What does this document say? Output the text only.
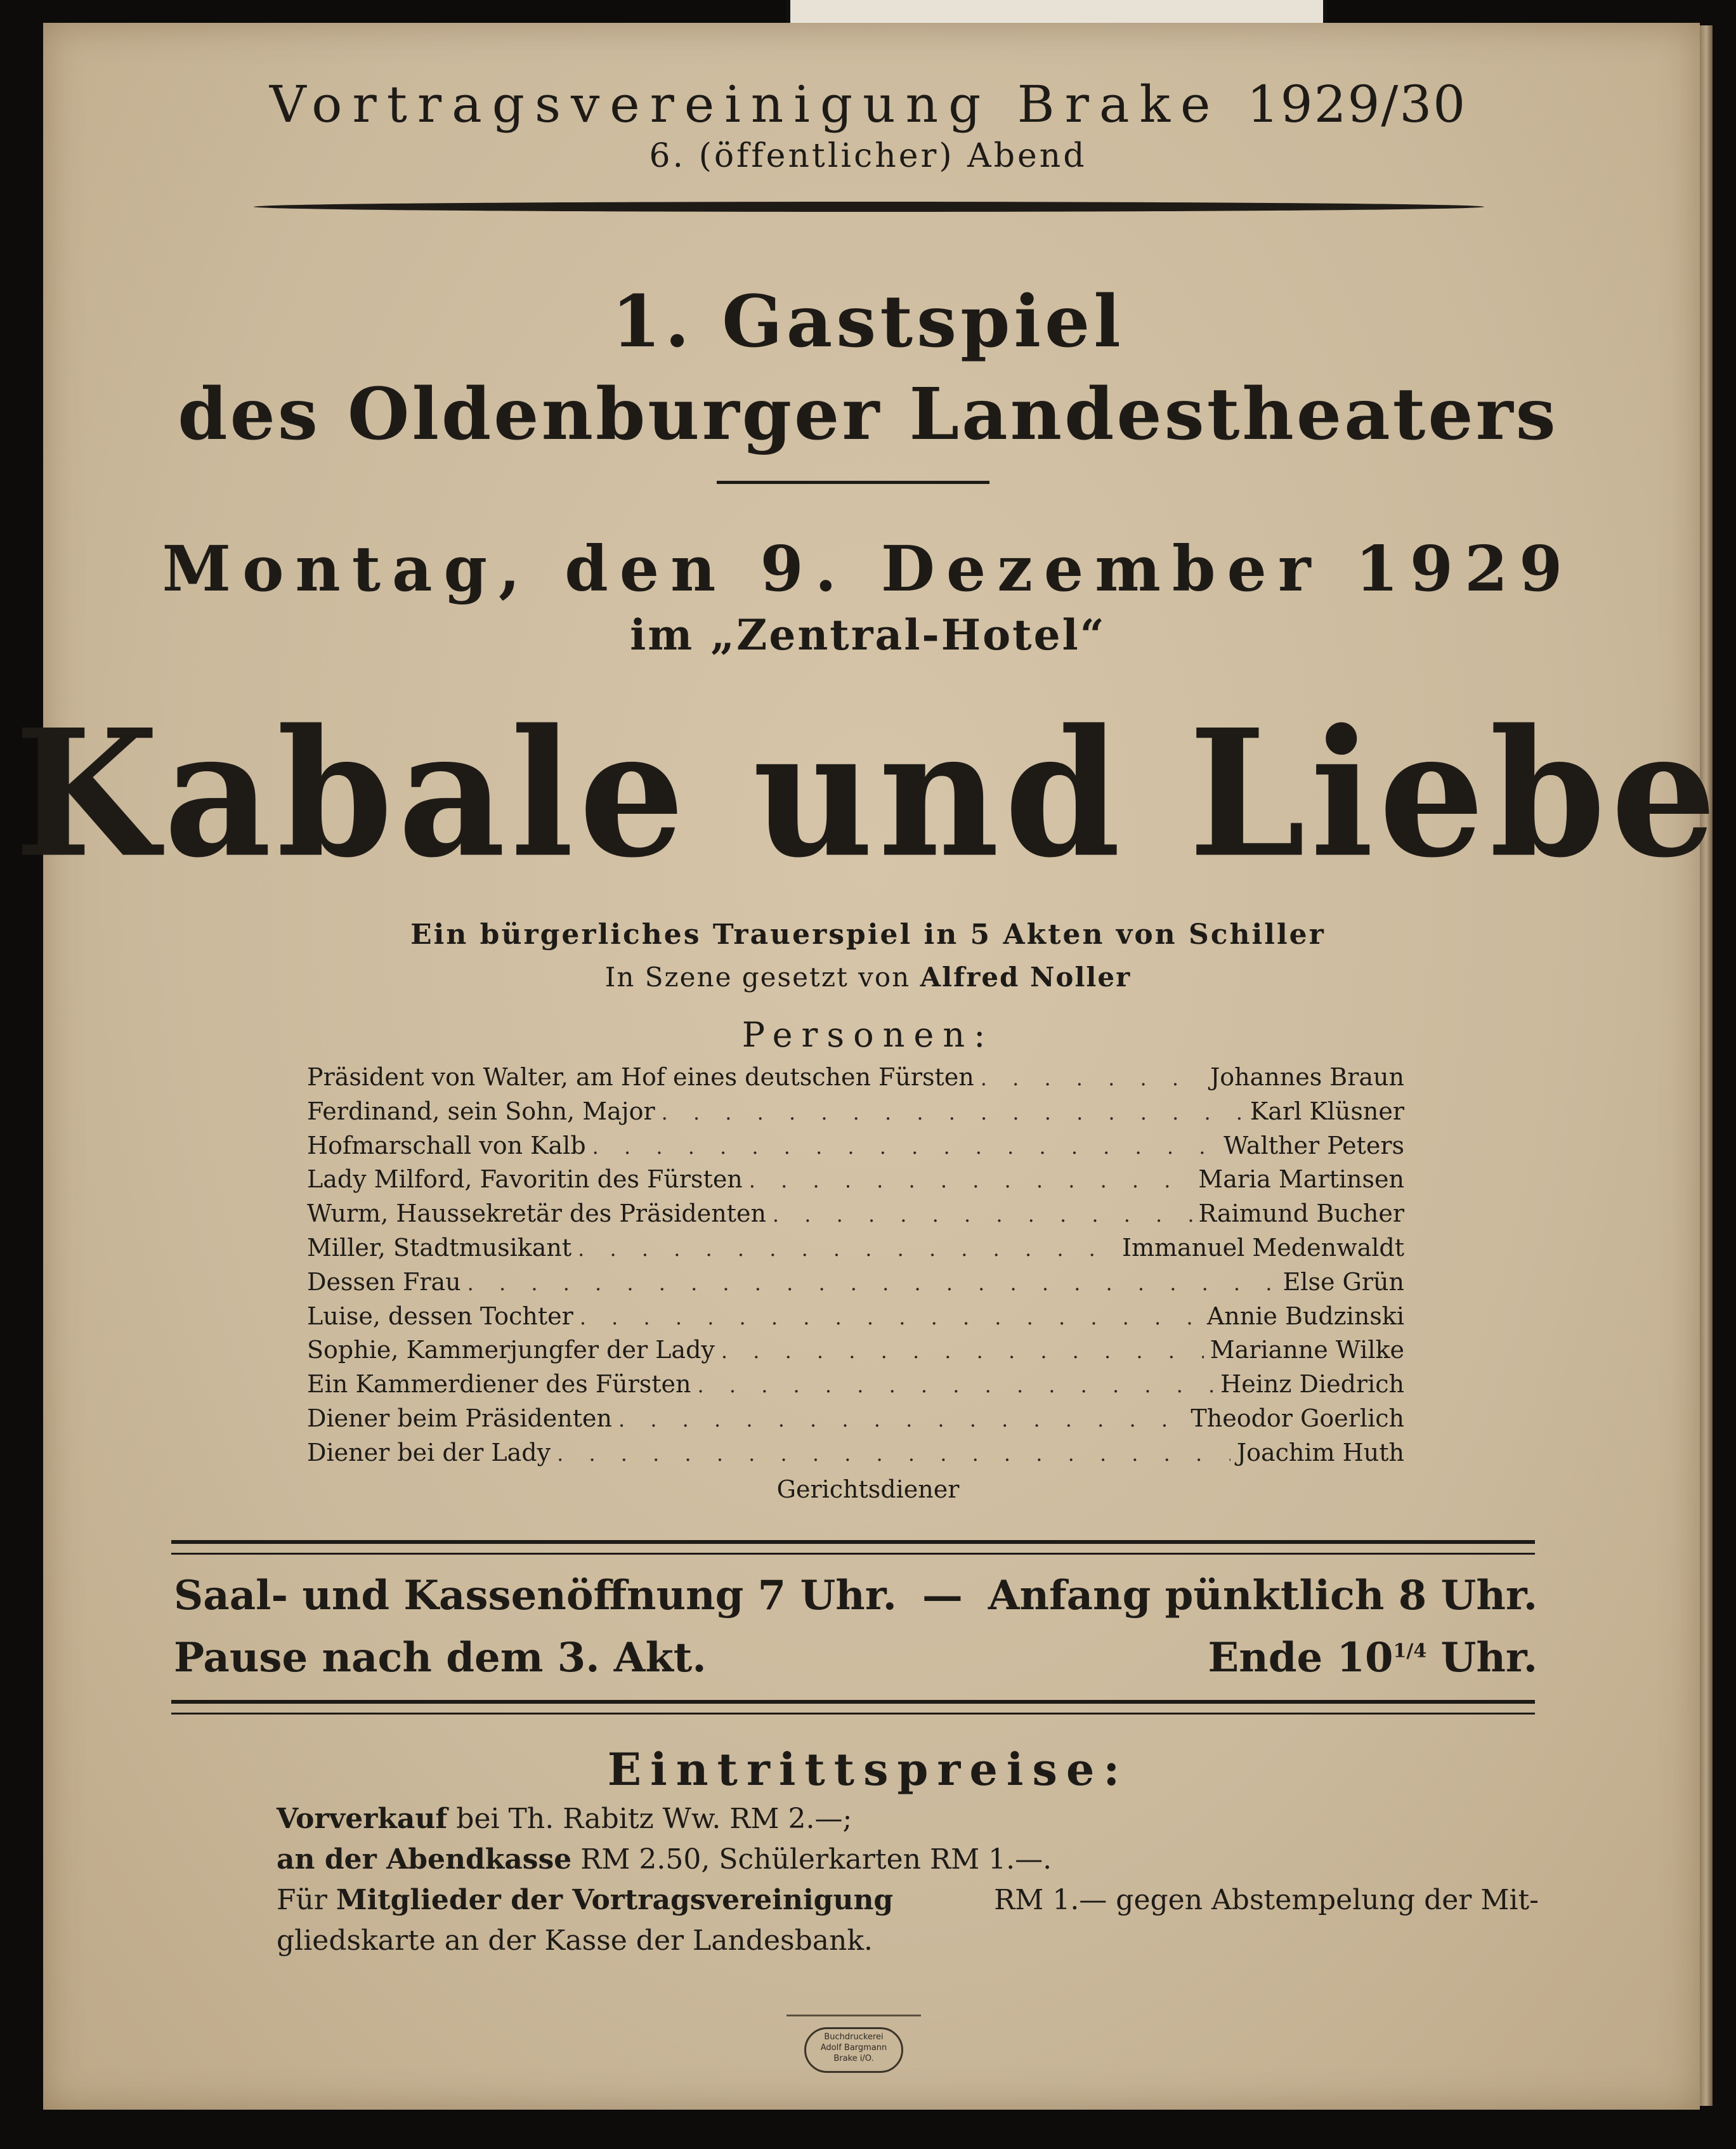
Vortragsvereinigung Brake 1929/30
6. (öffentlicher) Abend
1. Gastspiel
des Oldenburger Landestheaters
Montag, den 9. Dezember 1929
im „Zentral-Hotel“
Kabale und Liebe
Ein bürgerliches Trauerspiel in 5 Akten von Schiller
In Szene gesetzt von Alfred Noller
Personen:
Präsident von Walter, am Hof eines deutschen Fürsten . . .	Johannes Braun
Ferdinand, sein Sohn, Major . . .	Karl Klüsner
Hofmarschall von Kalb . . .	Walther Peters
Lady Milford, Favoritin des Fürsten . . .	Maria Martinsen
Wurm, Haussekretär des Präsidenten . . .	Raimund Bucher
Miller, Stadtmusikant . . .	Immanuel Medenwaldt
Dessen Frau . . .	Else Grün
Luise, dessen Tochter . . .	Annie Budzinski
Sophie, Kammerjungfer der Lady . . .	Marianne Wilke
Ein Kammerdiener des Fürsten . . .	Heinz Diedrich
Diener beim Präsidenten . . .	Theodor Goerlich
Diener bei der Lady . . .	Joachim Huth
Gerichtsdiener
Saal- und Kassenöffnung 7 Uhr. — Anfang pünktlich 8 Uhr.
Pause nach dem 3. Akt.	Ende $10^{1/4}$ Uhr.
Eintrittspreise:
Vorverkauf bei Th. Rabitz Ww. RM 2.—;
an der Abendkasse RM 2.50, Schülerkarten RM 1.—.
Für Mitglieder der Vortragsvereinigung	RM 1.— gegen Abstempelung der Mit-
gliedskarte an der Kasse der Landesbank.
Buchdruckerei
Adolf Bargmann
Brake i/O.
